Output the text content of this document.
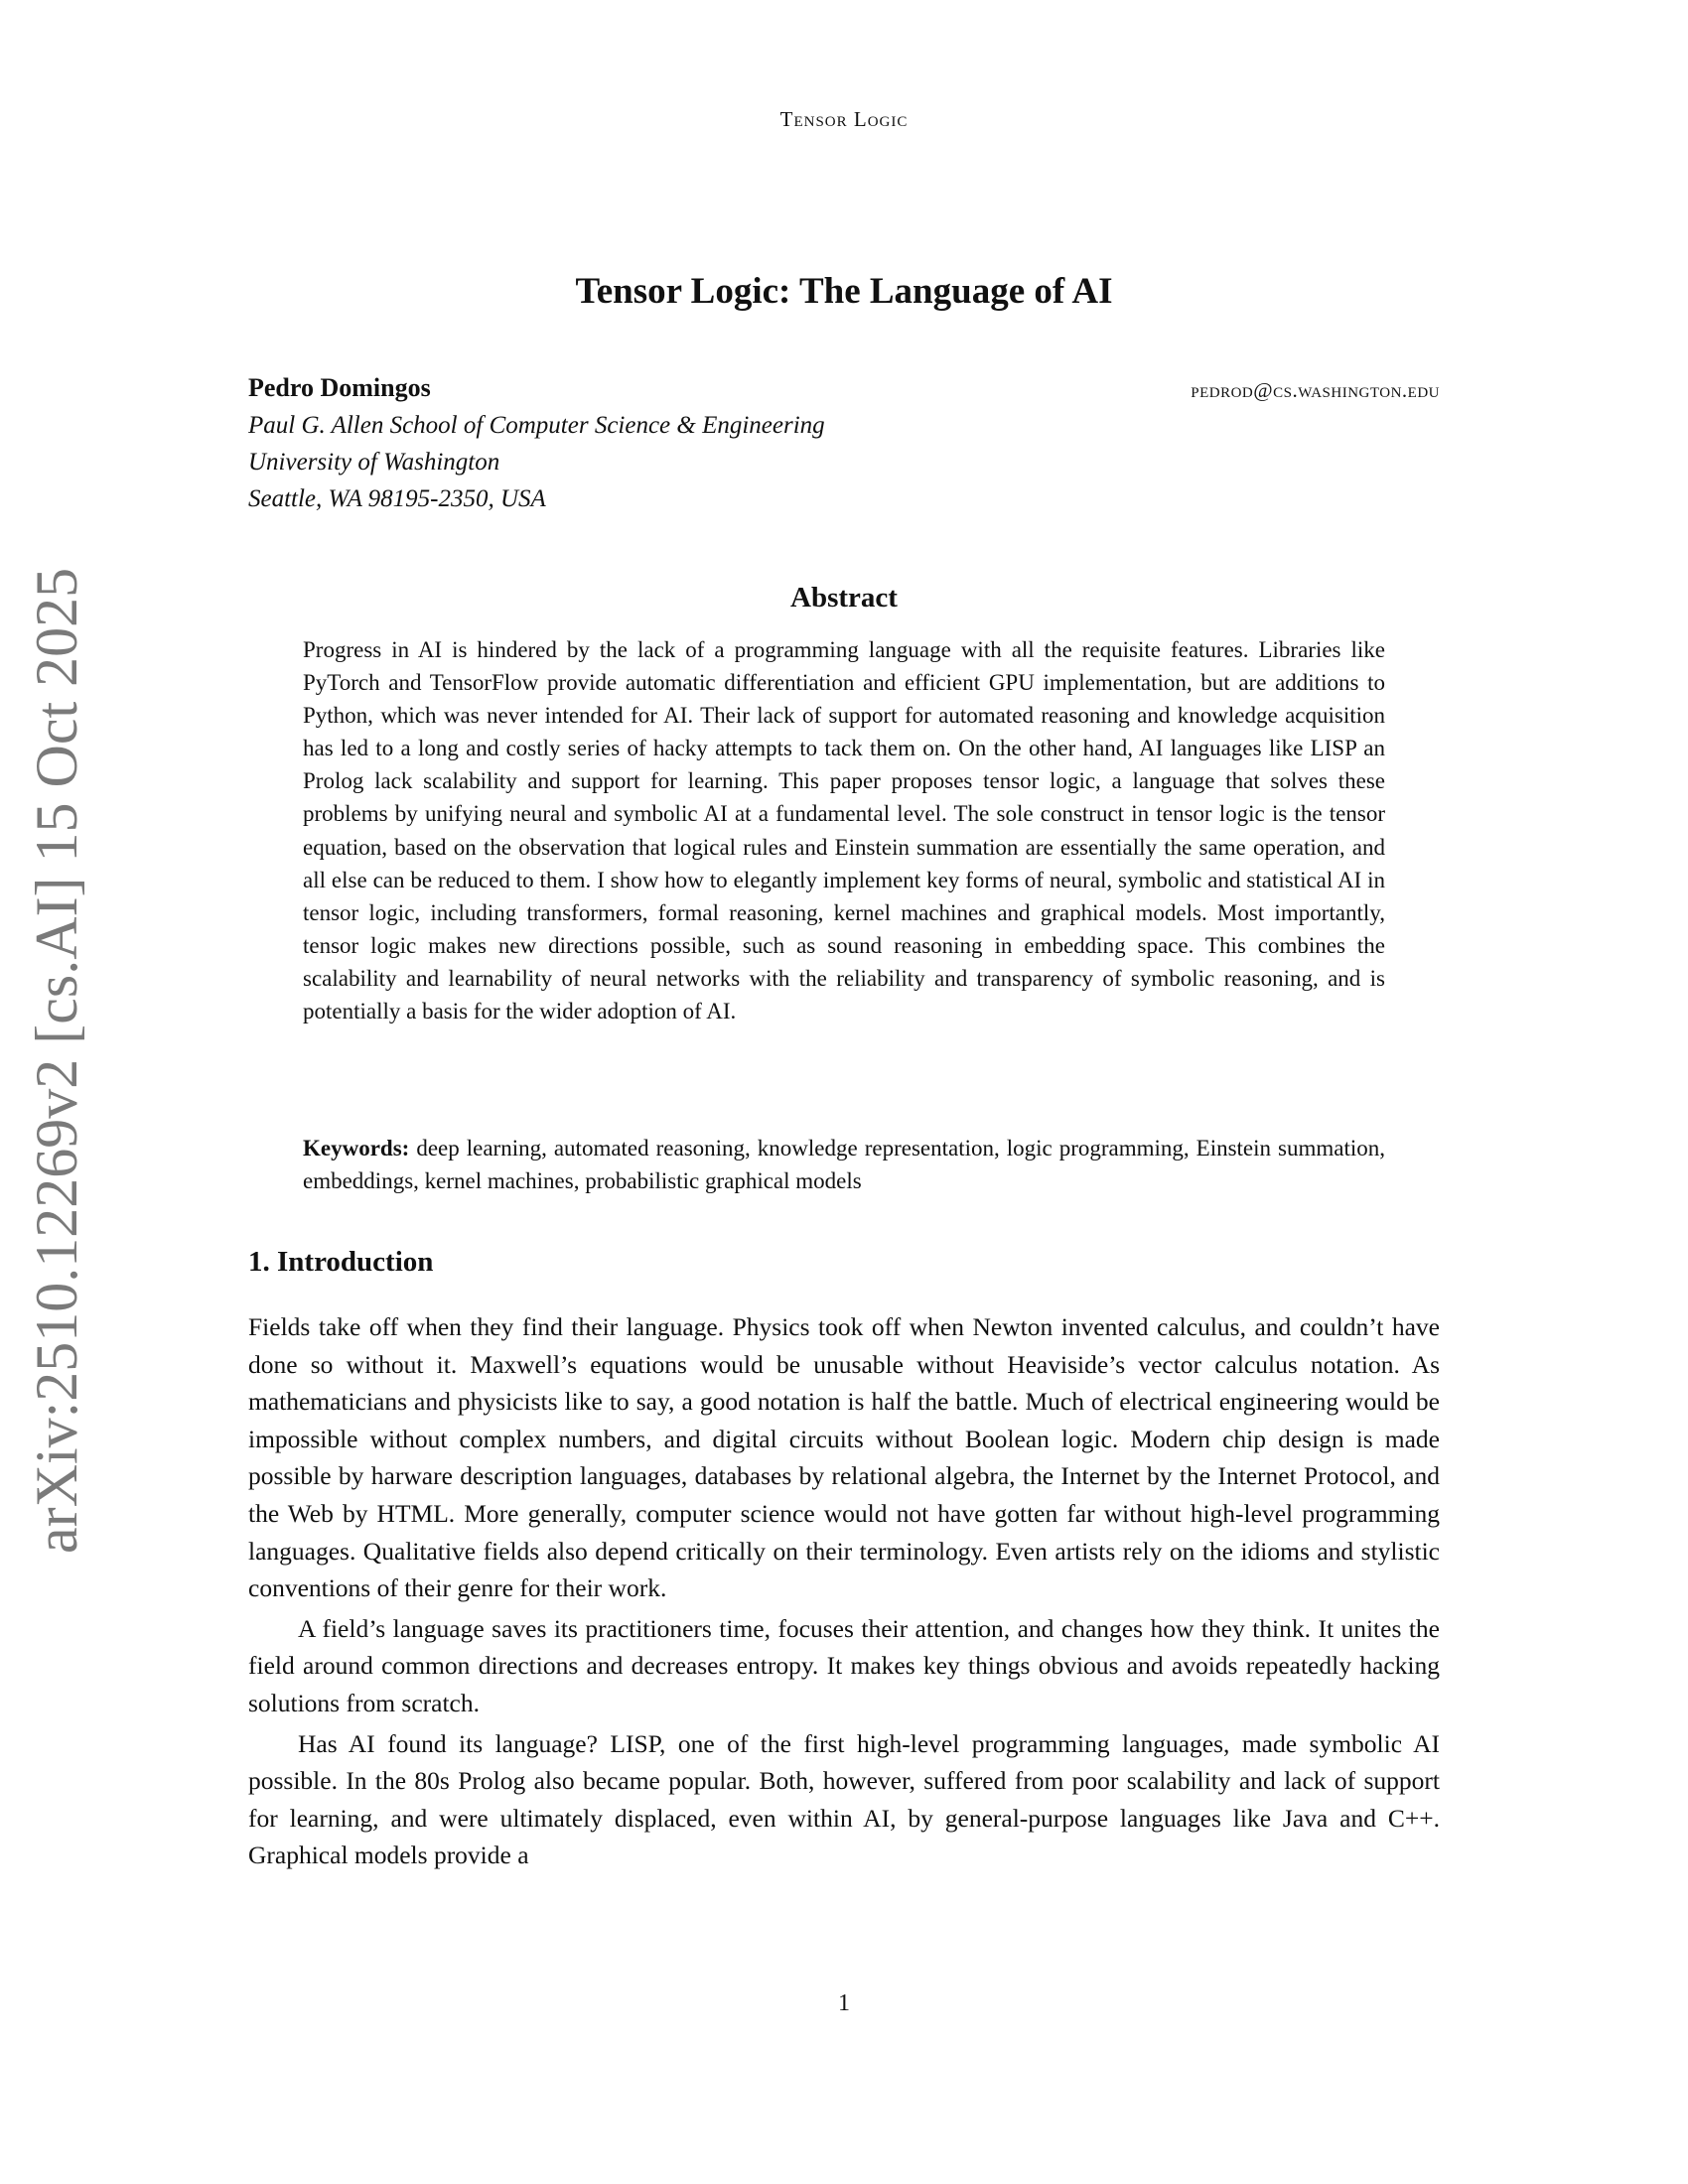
Tensor Logic
Tensor Logic: The Language of AI
Pedro Domingos	pedrod@cs.washington.edu
Paul G. Allen School of Computer Science & Engineering
University of Washington
Seattle, WA 98195-2350, USA
Abstract
Progress in AI is hindered by the lack of a programming language with all the requisite features. Libraries like PyTorch and TensorFlow provide automatic differentiation and efficient GPU implementation, but are additions to Python, which was never intended for AI. Their lack of support for automated reasoning and knowledge acquisition has led to a long and costly series of hacky attempts to tack them on. On the other hand, AI languages like LISP an Prolog lack scalability and support for learning. This paper proposes tensor logic, a language that solves these problems by unifying neural and symbolic AI at a fundamental level. The sole construct in tensor logic is the tensor equation, based on the observation that logical rules and Einstein summation are essentially the same operation, and all else can be reduced to them. I show how to elegantly implement key forms of neural, symbolic and statistical AI in tensor logic, including transformers, formal reasoning, kernel machines and graphical models. Most importantly, tensor logic makes new directions possible, such as sound reasoning in embedding space. This combines the scalability and learnability of neural networks with the reliability and transparency of symbolic reasoning, and is potentially a basis for the wider adoption of AI.
Keywords: deep learning, automated reasoning, knowledge representation, logic programming, Einstein summation, embeddings, kernel machines, probabilistic graphical models
1. Introduction

Fields take off when they find their language. Physics took off when Newton invented calculus, and couldn’t have done so without it. Maxwell’s equations would be unusable without Heaviside’s vector calculus notation. As mathematicians and physicists like to say, a good notation is half the battle. Much of electrical engineering would be impossible without complex numbers, and digital circuits without Boolean logic. Modern chip design is made possible by harware description languages, databases by relational algebra, the Internet by the Internet Protocol, and the Web by HTML. More generally, computer science would not have gotten far without high-level programming languages. Qualitative fields also depend critically on their terminology. Even artists rely on the idioms and stylistic conventions of their genre for their work.

A field’s language saves its practitioners time, focuses their attention, and changes how they think. It unites the field around common directions and decreases entropy. It makes key things obvious and avoids repeatedly hacking solutions from scratch.

Has AI found its language? LISP, one of the first high-level programming languages, made symbolic AI possible. In the 80s Prolog also became popular. Both, however, suffered from poor scalability and lack of support for learning, and were ultimately displaced, even within AI, by general-purpose languages like Java and C++. Graphical models provide a

1
arXiv:2510.12269v2 [cs.AI] 15 Oct 2025
